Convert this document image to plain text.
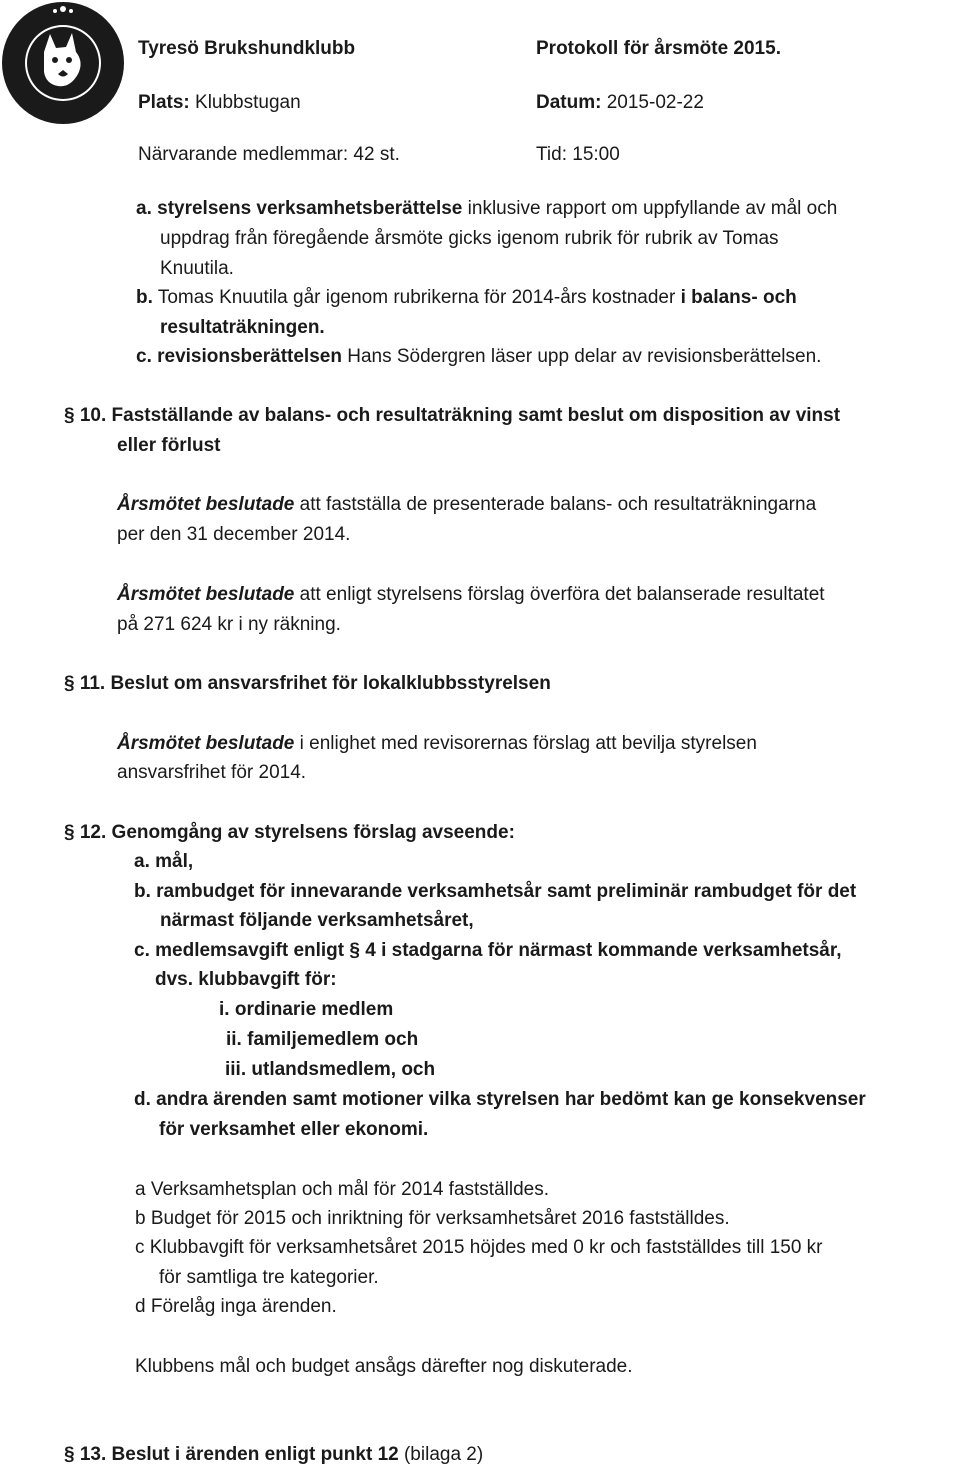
Tyresö Brukshundklubb	Protokoll för årsmöte 2015.
Plats: Klubbstugan	Datum: 2015-02-22
Närvarande medlemmar: 42 st.	Tid: 15:00
a. styrelsens verksamhetsberättelse inklusive rapport om uppfyllande av mål och
uppdrag från föregående årsmöte gicks igenom rubrik för rubrik av Tomas
Knuutila.
b. Tomas Knuutila går igenom rubrikerna för 2014-års kostnader i balans- och
resultaträkningen.
c. revisionsberättelsen Hans Södergren läser upp delar av revisionsberättelsen.
§ 10. Fastställande av balans- och resultaträkning samt beslut om disposition av vinst
eller förlust
Årsmötet beslutade att fastställa de presenterade balans- och resultaträkningarna
per den 31 december 2014.
Årsmötet beslutade att enligt styrelsens förslag överföra det balanserade resultatet
på 271 624 kr i ny räkning.
§ 11. Beslut om ansvarsfrihet för lokalklubbsstyrelsen
Årsmötet beslutade i enlighet med revisorernas förslag att bevilja styrelsen
ansvarsfrihet för 2014.
§ 12. Genomgång av styrelsens förslag avseende:
a. mål,
b. rambudget för innevarande verksamhetsår samt preliminär rambudget för det
närmast följande verksamhetsåret,
c. medlemsavgift enligt § 4 i stadgarna för närmast kommande verksamhetsår,
dvs. klubbavgift för:
i. ordinarie medlem
ii. familjemedlem och
iii. utlandsmedlem, och
d. andra ärenden samt motioner vilka styrelsen har bedömt kan ge konsekvenser
för verksamhet eller ekonomi.
a Verksamhetsplan och mål för 2014 fastställdes.
b Budget för 2015 och inriktning för verksamhetsåret 2016 fastställdes.
c Klubbavgift för verksamhetsåret 2015 höjdes med 0 kr och fastställdes till 150 kr
för samtliga tre kategorier.
d Förelåg inga ärenden.
Klubbens mål och budget ansågs därefter nog diskuterade.
§ 13. Beslut i ärenden enligt punkt 12 (bilaga 2)
